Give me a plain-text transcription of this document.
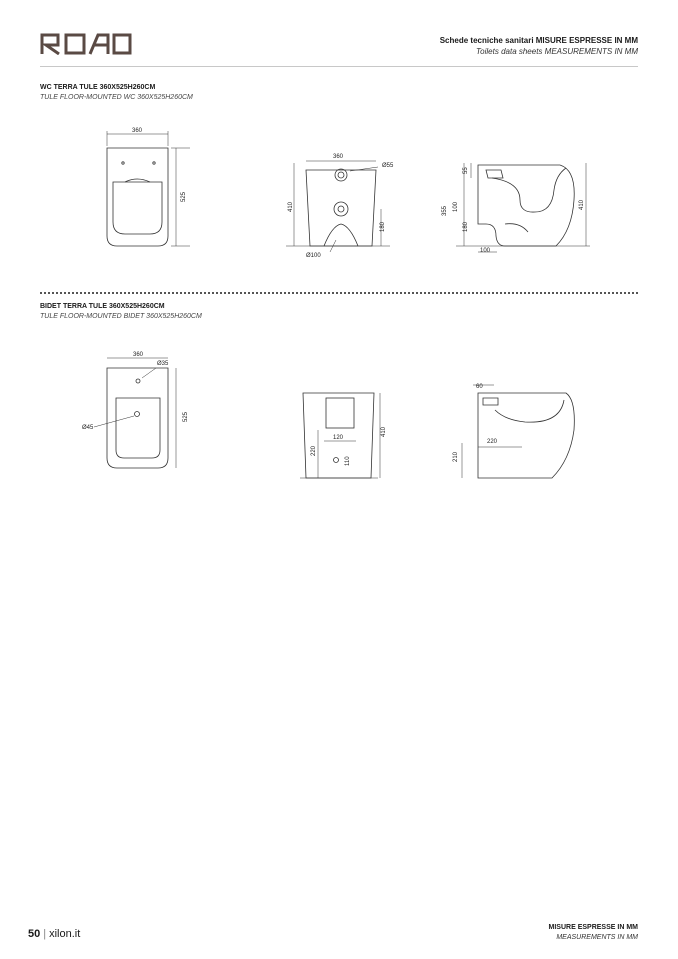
Schede tecniche sanitari MISURE ESPRESSE IN MM
Toilets data sheets MEASUREMENTS IN MM
WC TERRA TULE 360X525H260CM
TULE FLOOR-MOUNTED WC 360X525H260CM
360
525
360
Ø55
410
180
Ø100
55
355 100
180
410
100
360
Ø35
Ø45
525
120
220
110
410
60
220
210
BIDET TERRA TULE 360X525H260CM
TULE FLOOR-MOUNTED BIDET 360X525H260CM
50 | xilon.it
MISURE ESPRESSE IN MM
MEASUREMENTS IN MM
